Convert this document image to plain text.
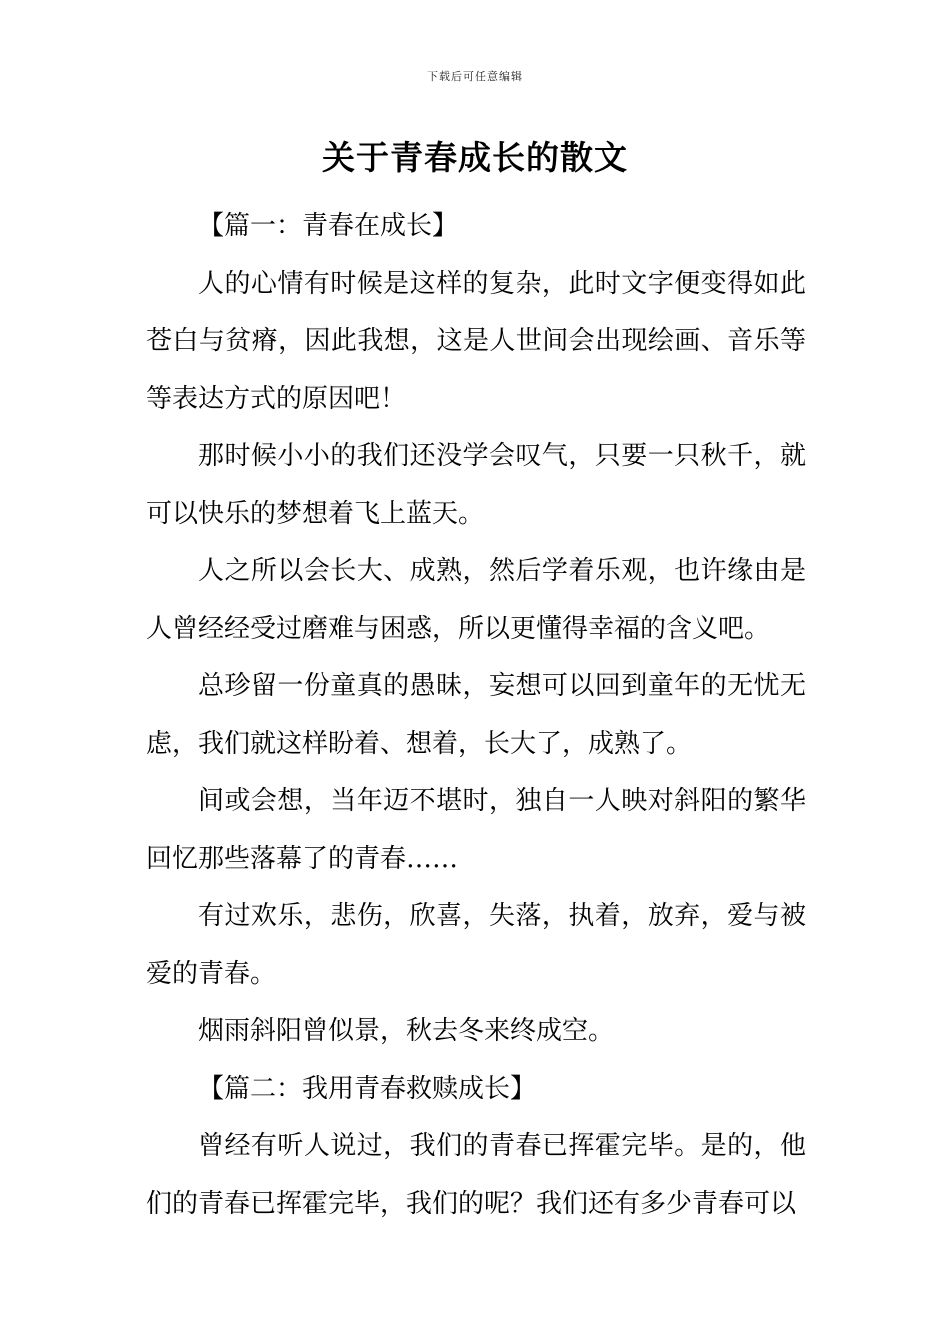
下载后可任意编辑
关于青春成长的散文

【篇一：青春在成长】

人的心情有时候是这样的复杂，此时文字便变得如此苍白与贫瘠，因此我想，这是人世间会出现绘画、音乐等等表达方式的原因吧！

那时候小小的我们还没学会叹气，只要一只秋千，就可以快乐的梦想着飞上蓝天。

人之所以会长大、成熟，然后学着乐观，也许缘由是人曾经经受过磨难与困惑，所以更懂得幸福的含义吧。

总珍留一份童真的愚昧，妄想可以回到童年的无忧无虑，我们就这样盼着、想着，长大了，成熟了。

间或会想，当年迈不堪时，独自一人映对斜阳的繁华回忆那些落幕了的青春……

有过欢乐，悲伤，欣喜，失落，执着，放弃，爱与被爱的青春。

烟雨斜阳曾似景，秋去冬来终成空。

【篇二：我用青春救赎成长】

曾经有听人说过，我们的青春已挥霍完毕。是的，他们的青春已挥霍完毕，我们的呢？我们还有多少青春可以
